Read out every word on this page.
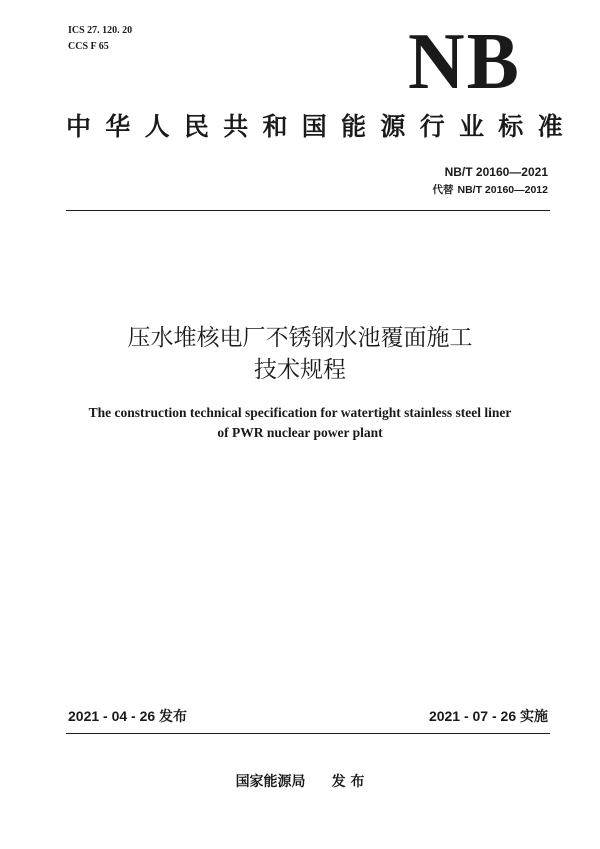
ICS 27. 120. 20
CCS F 65	NB
中华人民共和国能源行业标准
NB/T 20160—2021
代替 NB/T 20160—2012
压水堆核电厂不锈钢水池覆面施工
技术规程
The construction technical specification for watertight stainless steel liner
of PWR nuclear power plant
2021 - 04 - 26 发布	2021 - 07 - 26 实施
国家能源局 发 布
